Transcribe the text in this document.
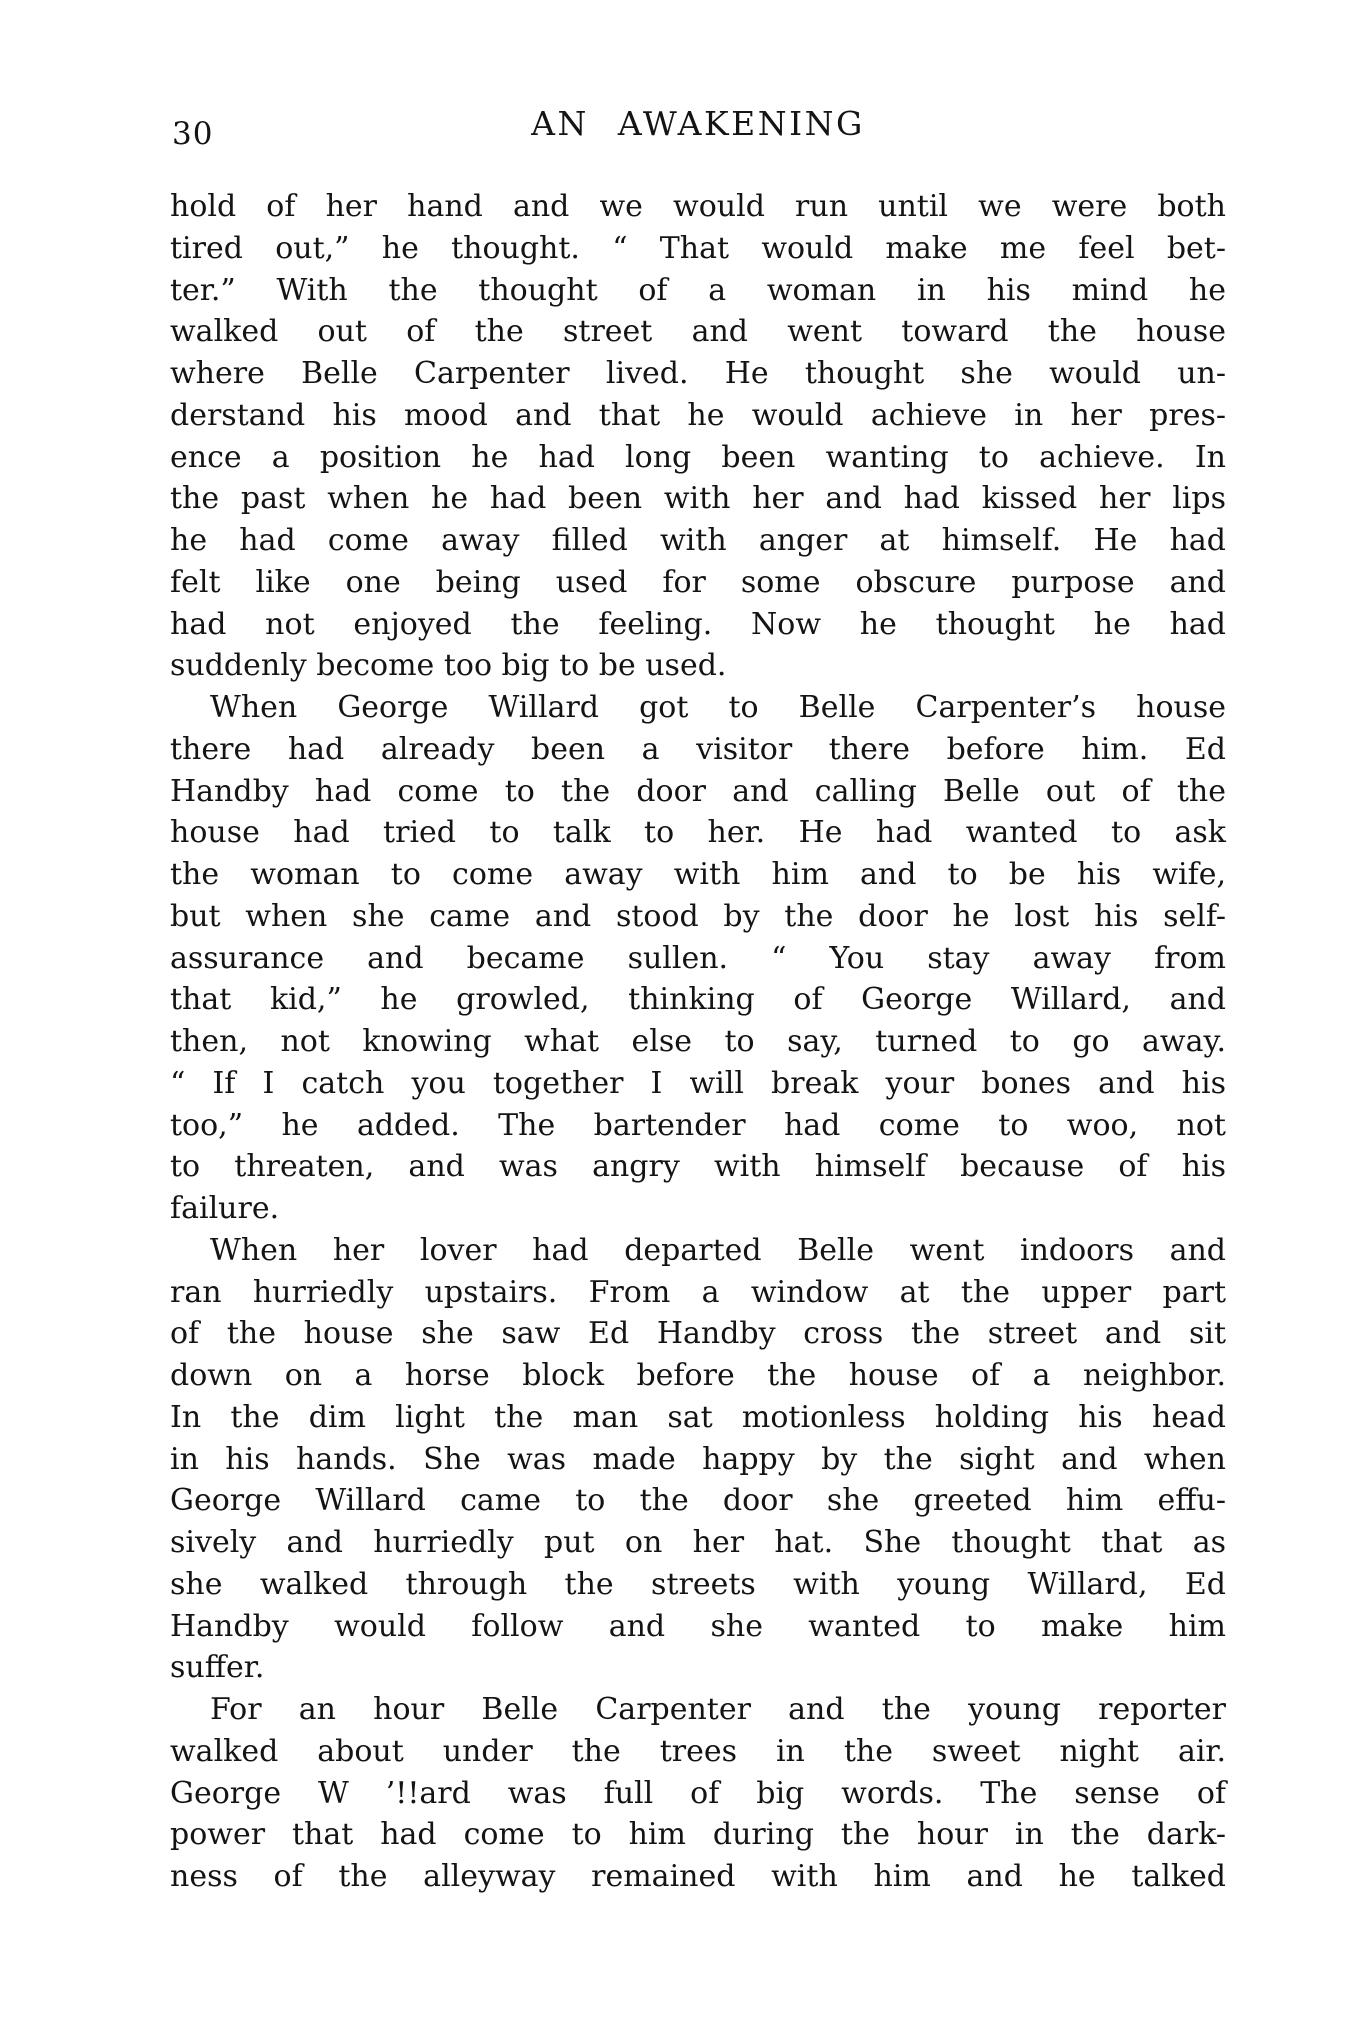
30	AN AWAKENING
hold of her hand and we would run until we were both
tired out,” he thought. “ That would make me feel bet-
ter.” With the thought of a woman in his mind he
walked out of the street and went toward the house
where Belle Carpenter lived. He thought she would un-
derstand his mood and that he would achieve in her pres-
ence a position he had long been wanting to achieve. In
the past when he had been with her and had kissed her lips
he had come away filled with anger at himself. He had
felt like one being used for some obscure purpose and
had not enjoyed the feeling. Now he thought he had
suddenly become too big to be used.
When George Willard got to Belle Carpenter’s house
there had already been a visitor there before him. Ed
Handby had come to the door and calling Belle out of the
house had tried to talk to her. He had wanted to ask
the woman to come away with him and to be his wife,
but when she came and stood by the door he lost his self-
assurance and became sullen. “ You stay away from
that kid,” he growled, thinking of George Willard, and
then, not knowing what else to say, turned to go away.
“ If I catch you together I will break your bones and his
too,” he added. The bartender had come to woo, not
to threaten, and was angry with himself because of his
failure.
When her lover had departed Belle went indoors and
ran hurriedly upstairs. From a window at the upper part
of the house she saw Ed Handby cross the street and sit
down on a horse block before the house of a neighbor.
In the dim light the man sat motionless holding his head
in his hands. She was made happy by the sight and when
George Willard came to the door she greeted him effu-
sively and hurriedly put on her hat. She thought that as
she walked through the streets with young Willard, Ed
Handby would follow and she wanted to make him
suffer.
For an hour Belle Carpenter and the young reporter
walked about under the trees in the sweet night air.
George W ’!!ard was full of big words. The sense of
power that had come to him during the hour in the dark-
ness of the alleyway remained with him and he talked
